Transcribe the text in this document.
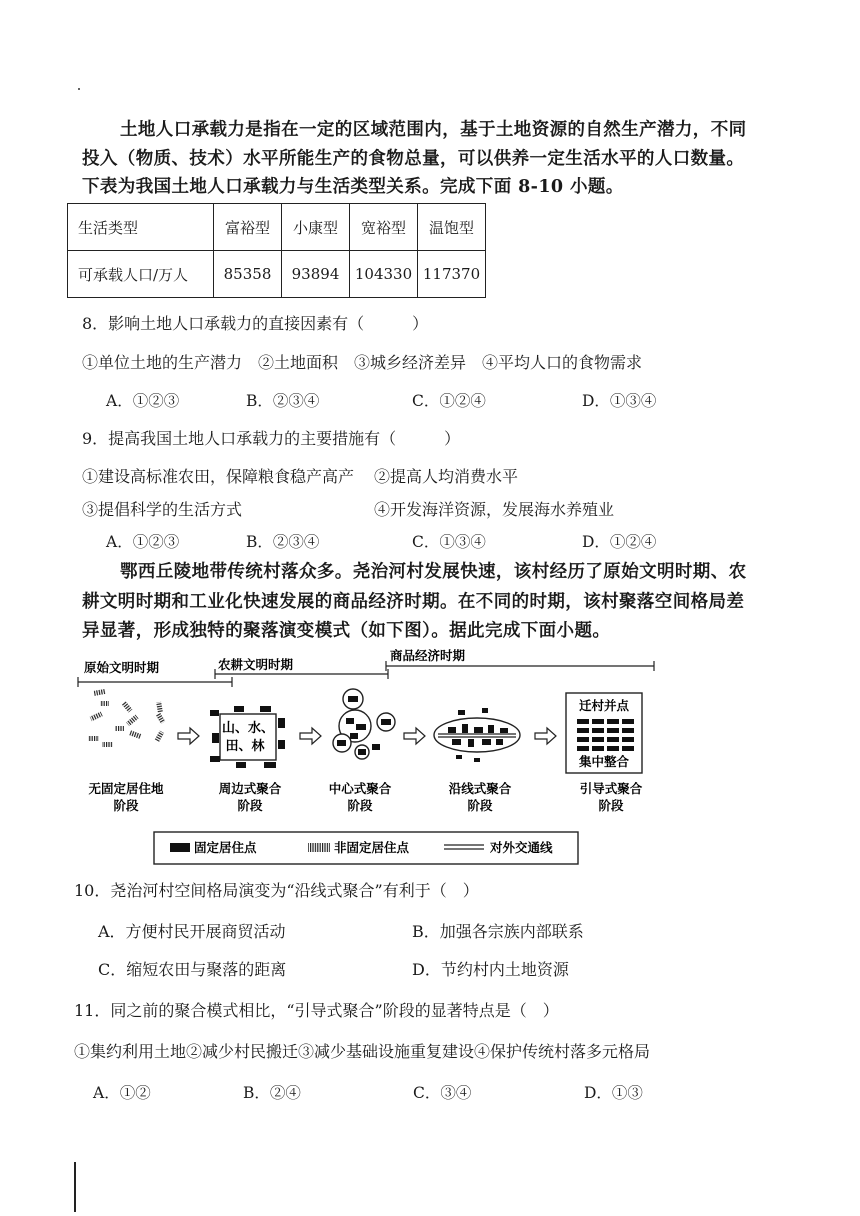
土地人口承载力是指在一定的区域范围内，基于土地资源的自然生产潜力，不同
投入（物质、技术）水平所能生产的食物总量，可以供养一定生活水平的人口数量。
下表为我国土地人口承载力与生活类型关系。完成下面 8-10 小题。
生活类型	富裕型	小康型	宽裕型	温饱型
可承载人口/万人	85358	93894	104330	117370
8．影响土地人口承载力的直接因素有（　　　）
①单位土地的生产潜力　②土地面积　③城乡经济差异　④平均人口的食物需求
A．①②③	B．②③④	C．①②④	D．①③④
9．提高我国土地人口承载力的主要措施有（　　　）
①建设高标准农田，保障粮食稳产高产 ②提高人均消费水平
③提倡科学的生活方式	④开发海洋资源，发展海水养殖业
A．①②③	B．②③④	C．①③④	D．①②④
鄂西丘陵地带传统村落众多。尧治河村发展快速，该村经历了原始文明时期、农
耕文明时期和工业化快速发展的商品经济时期。在不同的时期，该村聚落空间格局差
异显著，形成独特的聚落演变模式（如下图）。据此完成下面小题。
原始文明时期	农耕文明时期
商品经济时期
山、水、
田、林
迁村并点
集中整合
无固定居住地
阶段
周边式聚合
阶段
中心式聚合
阶段
沿线式聚合
阶段
引导式聚合
阶段
固定居住点	非固定居住点	对外交通线
10．尧治河村空间格局演变为“沿线式聚合”有利于（　）
A．方便村民开展商贸活动	B．加强各宗族内部联系
C．缩短农田与聚落的距离	D．节约村内土地资源
11．同之前的聚合模式相比，“引导式聚合”阶段的显著特点是（　）
①集约利用土地②减少村民搬迁③减少基础设施重复建设④保护传统村落多元格局
A．①②	B．②④	C．③④	D．①③
